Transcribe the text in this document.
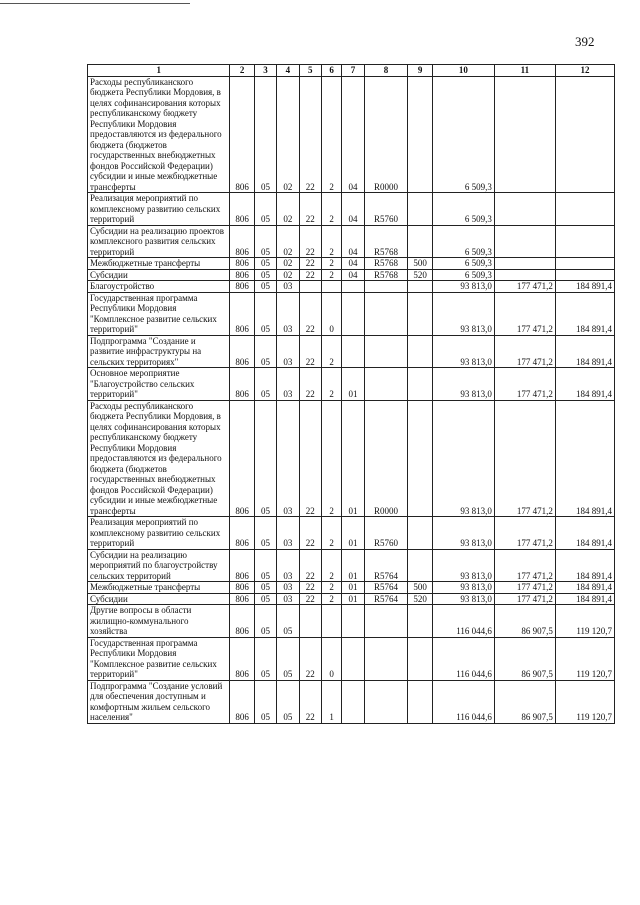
392
1	2	3	4	5	6	7	8	9	10	11	12
Расходы республиканского бюджета Республики Мордовия, в целях софинансирования которых республиканскому бюджету Республики Мордовия предоставляются из федерального бюджета (бюджетов государственных внебюджетных фондов Российской Федерации) субсидии и иные межбюджетные трансферты	806	05	02	22	2	04	R0000		6 509,3		
Реализация мероприятий по комплексному развитию сельских территорий	806	05	02	22	2	04	R5760		6 509,3		
Субсидии на реализацию проектов комплексного развития сельских территорий	806	05	02	22	2	04	R5768		6 509,3		
Межбюджетные трансферты	806	05	02	22	2	04	R5768	500	6 509,3		
Субсидии	806	05	02	22	2	04	R5768	520	6 509,3		
Благоустройство	806	05	03						93 813,0	177 471,2	184 891,4
Государственная программа Республики Мордовия "Комплексное развитие сельских территорий"	806	05	03	22	0				93 813,0	177 471,2	184 891,4
Подпрограмма "Создание и развитие инфраструктуры на сельских территориях"	806	05	03	22	2				93 813,0	177 471,2	184 891,4
Основное мероприятие "Благоустройство сельских территорий"	806	05	03	22	2	01			93 813,0	177 471,2	184 891,4
Расходы республиканского бюджета Республики Мордовия, в целях софинансирования которых республиканскому бюджету Республики Мордовия предоставляются из федерального бюджета (бюджетов государственных внебюджетных фондов Российской Федерации) субсидии и иные межбюджетные трансферты	806	05	03	22	2	01	R0000		93 813,0	177 471,2	184 891,4
Реализация мероприятий по комплексному развитию сельских территорий	806	05	03	22	2	01	R5760		93 813,0	177 471,2	184 891,4
Субсидии на реализацию мероприятий по благоустройству сельских территорий	806	05	03	22	2	01	R5764		93 813,0	177 471,2	184 891,4
Межбюджетные трансферты	806	05	03	22	2	01	R5764	500	93 813,0	177 471,2	184 891,4
Субсидии	806	05	03	22	2	01	R5764	520	93 813,0	177 471,2	184 891,4
Другие вопросы в области жилищно-коммунального хозяйства	806	05	05						116 044,6	86 907,5	119 120,7
Государственная программа Республики Мордовия "Комплексное развитие сельских территорий"	806	05	05	22	0				116 044,6	86 907,5	119 120,7
Подпрограмма "Создание условий для обеспечения доступным и комфортным жильем сельского населения"	806	05	05	22	1				116 044,6	86 907,5	119 120,7
